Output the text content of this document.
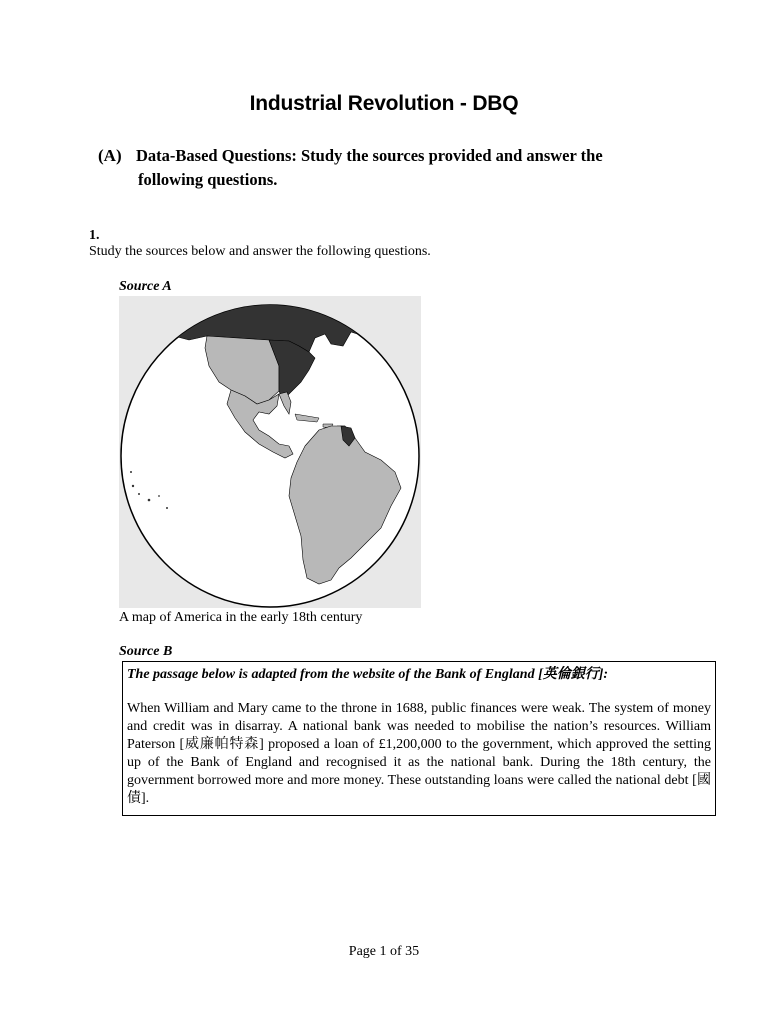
Industrial Revolution - DBQ
(A) Data-Based Questions: Study the sources provided and answer the
following questions.
1.
Study the sources below and answer the following questions.
Source A
A map of America in the early 18th century
Source B
The passage below is adapted from the website of the Bank of England [英倫銀行]:
When William and Mary came to the throne in 1688, public finances were weak. The system of money and credit was in disarray. A national bank was needed to mobilise the nation’s resources. William Paterson [威廉帕特森] proposed a loan of £1,200,000 to the government, which approved the setting up of the Bank of England and recognised it as the national bank. During the 18th century, the government borrowed more and more money. These outstanding loans were called the national debt [國債].
Page 1 of 35
